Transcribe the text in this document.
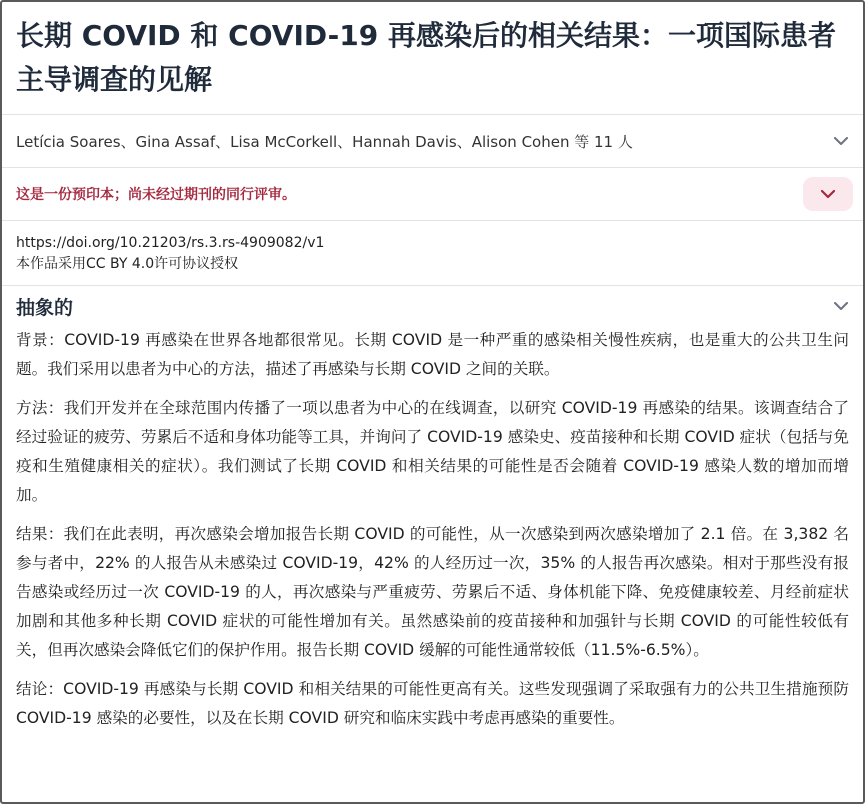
长期 COVID 和 COVID-19 再感染后的相关结果：一项国际患者主导调查的见解
Letícia Soares、Gina Assaf、Lisa McCorkell、Hannah Davis、Alison Cohen 等 11 人
这是一份预印本；尚未经过期刊的同行评审。
https://doi.org/10.21203/rs.3.rs-4909082/v1
本作品采用CC BY 4.0许可协议授权
抽象的

背景：COVID-19 再感染在世界各地都很常见。长期 COVID 是一种严重的感染相关慢性疾病，也是重大的公共卫生问题。我们采用以患者为中心的方法，描述了再感染与长期 COVID 之间的关联。

方法：我们开发并在全球范围内传播了一项以患者为中心的在线调查，以研究 COVID-19 再感染的结果。该调查结合了经过验证的疲劳、劳累后不适和身体功能等工具，并询问了 COVID-19 感染史、疫苗接种和长期 COVID 症状（包括与免疫和生殖健康相关的症状）。我们测试了长期 COVID 和相关结果的可能性是否会随着 COVID-19 感染人数的增加而增加。

结果：我们在此表明，再次感染会增加报告长期 COVID 的可能性，从一次感染到两次感染增加了 2.1 倍。在 3,382 名参与者中，22% 的人报告从未感染过 COVID-19，42% 的人经历过一次，35% 的人报告再次感染。相对于那些没有报告感染或经历过一次 COVID-19 的人，再次感染与严重疲劳、劳累后不适、身体机能下降、免疫健康较差、月经前症状加剧和其他多种长期 COVID 症状的可能性增加有关。虽然感染前的疫苗接种和加强针与长期 COVID 的可能性较低有关，但再次感染会降低它们的保护作用。报告长期 COVID 缓解的可能性通常较低（11.5%-6.5%）。

结论：COVID-19 再感染与长期 COVID 和相关结果的可能性更高有关。这些发现强调了采取强有力的公共卫生措施预防 COVID-19 感染的必要性，以及在长期 COVID 研究和临床实践中考虑再感染的重要性。
